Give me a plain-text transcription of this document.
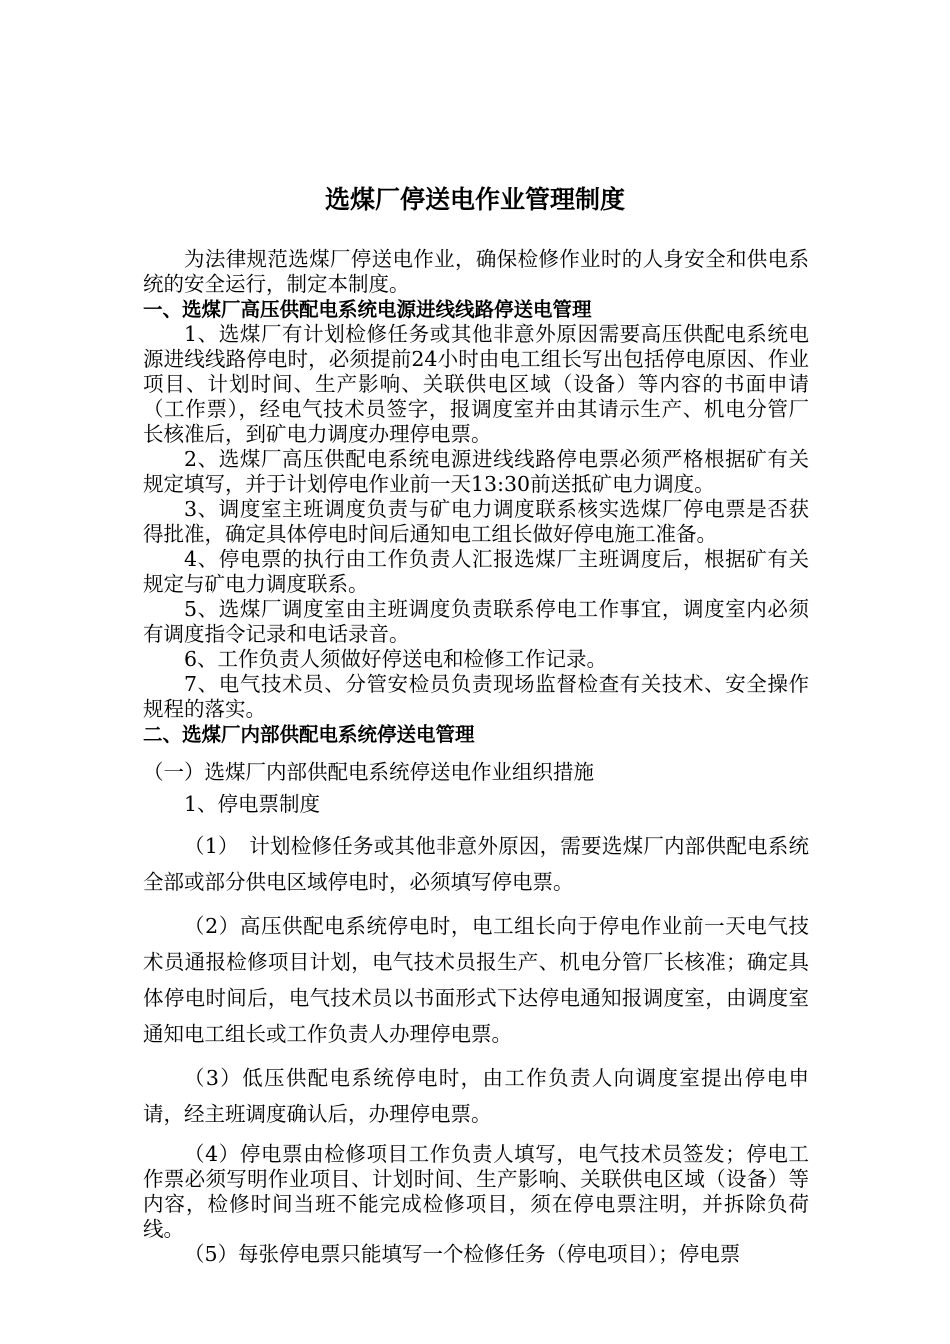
选煤厂停送电作业管理制度

为法律规范选煤厂停送电作业，确保检修作业时的人身安全和供电系统的安全运行，制定本制度。

一、选煤厂高压供配电系统电源进线线路停送电管理

1、选煤厂有计划检修任务或其他非意外原因需要高压供配电系统电源进线线路停电时，必须提前24小时由电工组长写出包括停电原因、作业项目、计划时间、生产影响、关联供电区域（设备）等内容的书面申请（工作票），经电气技术员签字，报调度室并由其请示生产、机电分管厂长核准后，到矿电力调度办理停电票。

2、选煤厂高压供配电系统电源进线线路停电票必须严格根据矿有关规定填写，并于计划停电作业前一天13:30前送抵矿电力调度。

3、调度室主班调度负责与矿电力调度联系核实选煤厂停电票是否获得批准，确定具体停电时间后通知电工组长做好停电施工准备。

4、停电票的执行由工作负责人汇报选煤厂主班调度后，根据矿有关规定与矿电力调度联系。

5、选煤厂调度室由主班调度负责联系停电工作事宜，调度室内必须有调度指令记录和电话录音。

6、工作负责人须做好停送电和检修工作记录。

7、电气技术员、分管安检员负责现场监督检查有关技术、安全操作规程的落实。

二、选煤厂内部供配电系统停送电管理

（一）选煤厂内部供配电系统停送电作业组织措施

1、停电票制度

（1）　计划检修任务或其他非意外原因，需要选煤厂内部供配电系统全部或部分供电区域停电时，必须填写停电票。

（2）高压供配电系统停电时，电工组长向于停电作业前一天电气技术员通报检修项目计划，电气技术员报生产、机电分管厂长核准；确定具体停电时间后，电气技术员以书面形式下达停电通知报调度室，由调度室通知电工组长或工作负责人办理停电票。

（3）低压供配电系统停电时，由工作负责人向调度室提出停电申请，经主班调度确认后，办理停电票。

（4）停电票由检修项目工作负责人填写，电气技术员签发；停电工作票必须写明作业项目、计划时间、生产影响、关联供电区域（设备）等内容，检修时间当班不能完成检修项目，须在停电票注明，并拆除负荷线。

（5）每张停电票只能填写一个检修任务（停电项目）；停电票
